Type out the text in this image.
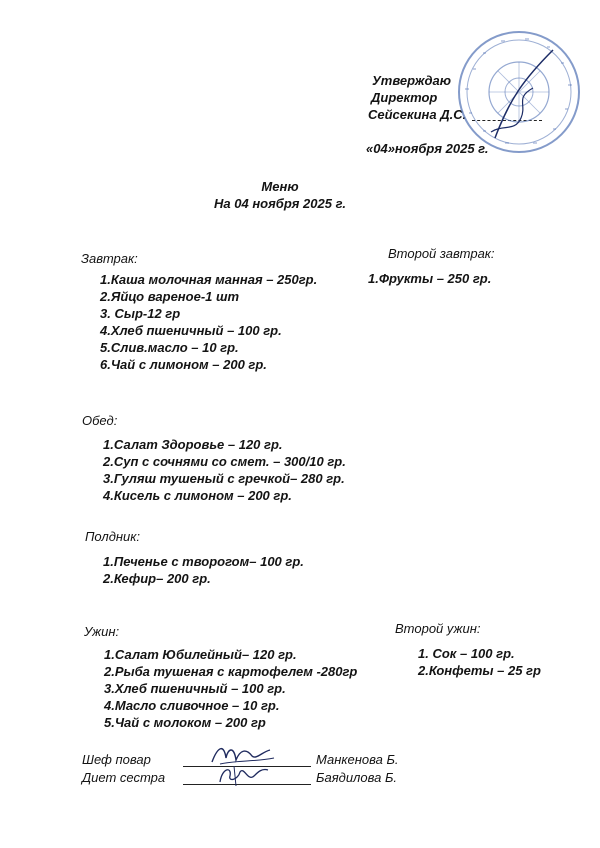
Утверждаю
Директор
Сейсекина Д.С.
«04»ноября 2025 г.
Меню
На 04 ноября 2025 г.
Завтрак:
1.Каша молочная манная – 250гр.
2.Яйцо вареное-1 шт
3. Сыр-12 гр
4.Хлеб пшеничный – 100 гр.
5.Слив.масло – 10 гр.
6.Чай с лимоном – 200 гр.
Второй завтрак:
1.Фрукты – 250 гр.
Обед:
1.Салат Здоровье – 120 гр.
2.Суп с сочнями со смет. – 300/10 гр.
3.Гуляш тушеный с гречкой– 280 гр.
4.Кисель с лимоном – 200 гр.
Полдник:
1.Печенье с творогом– 100 гр.
2.Кефир– 200 гр.
Ужин:
1.Салат Юбилейный– 120 гр.
2.Рыба тушеная с картофелем -280гр
3.Хлеб пшеничный – 100 гр.
4.Масло сливочное – 10 гр.
5.Чай с молоком – 200 гр
Второй ужин:
1. Сок – 100 гр.
2.Конфеты – 25 гр
Шеф повар	Манкенова Б.
Диет сестра	Баядилова Б.
